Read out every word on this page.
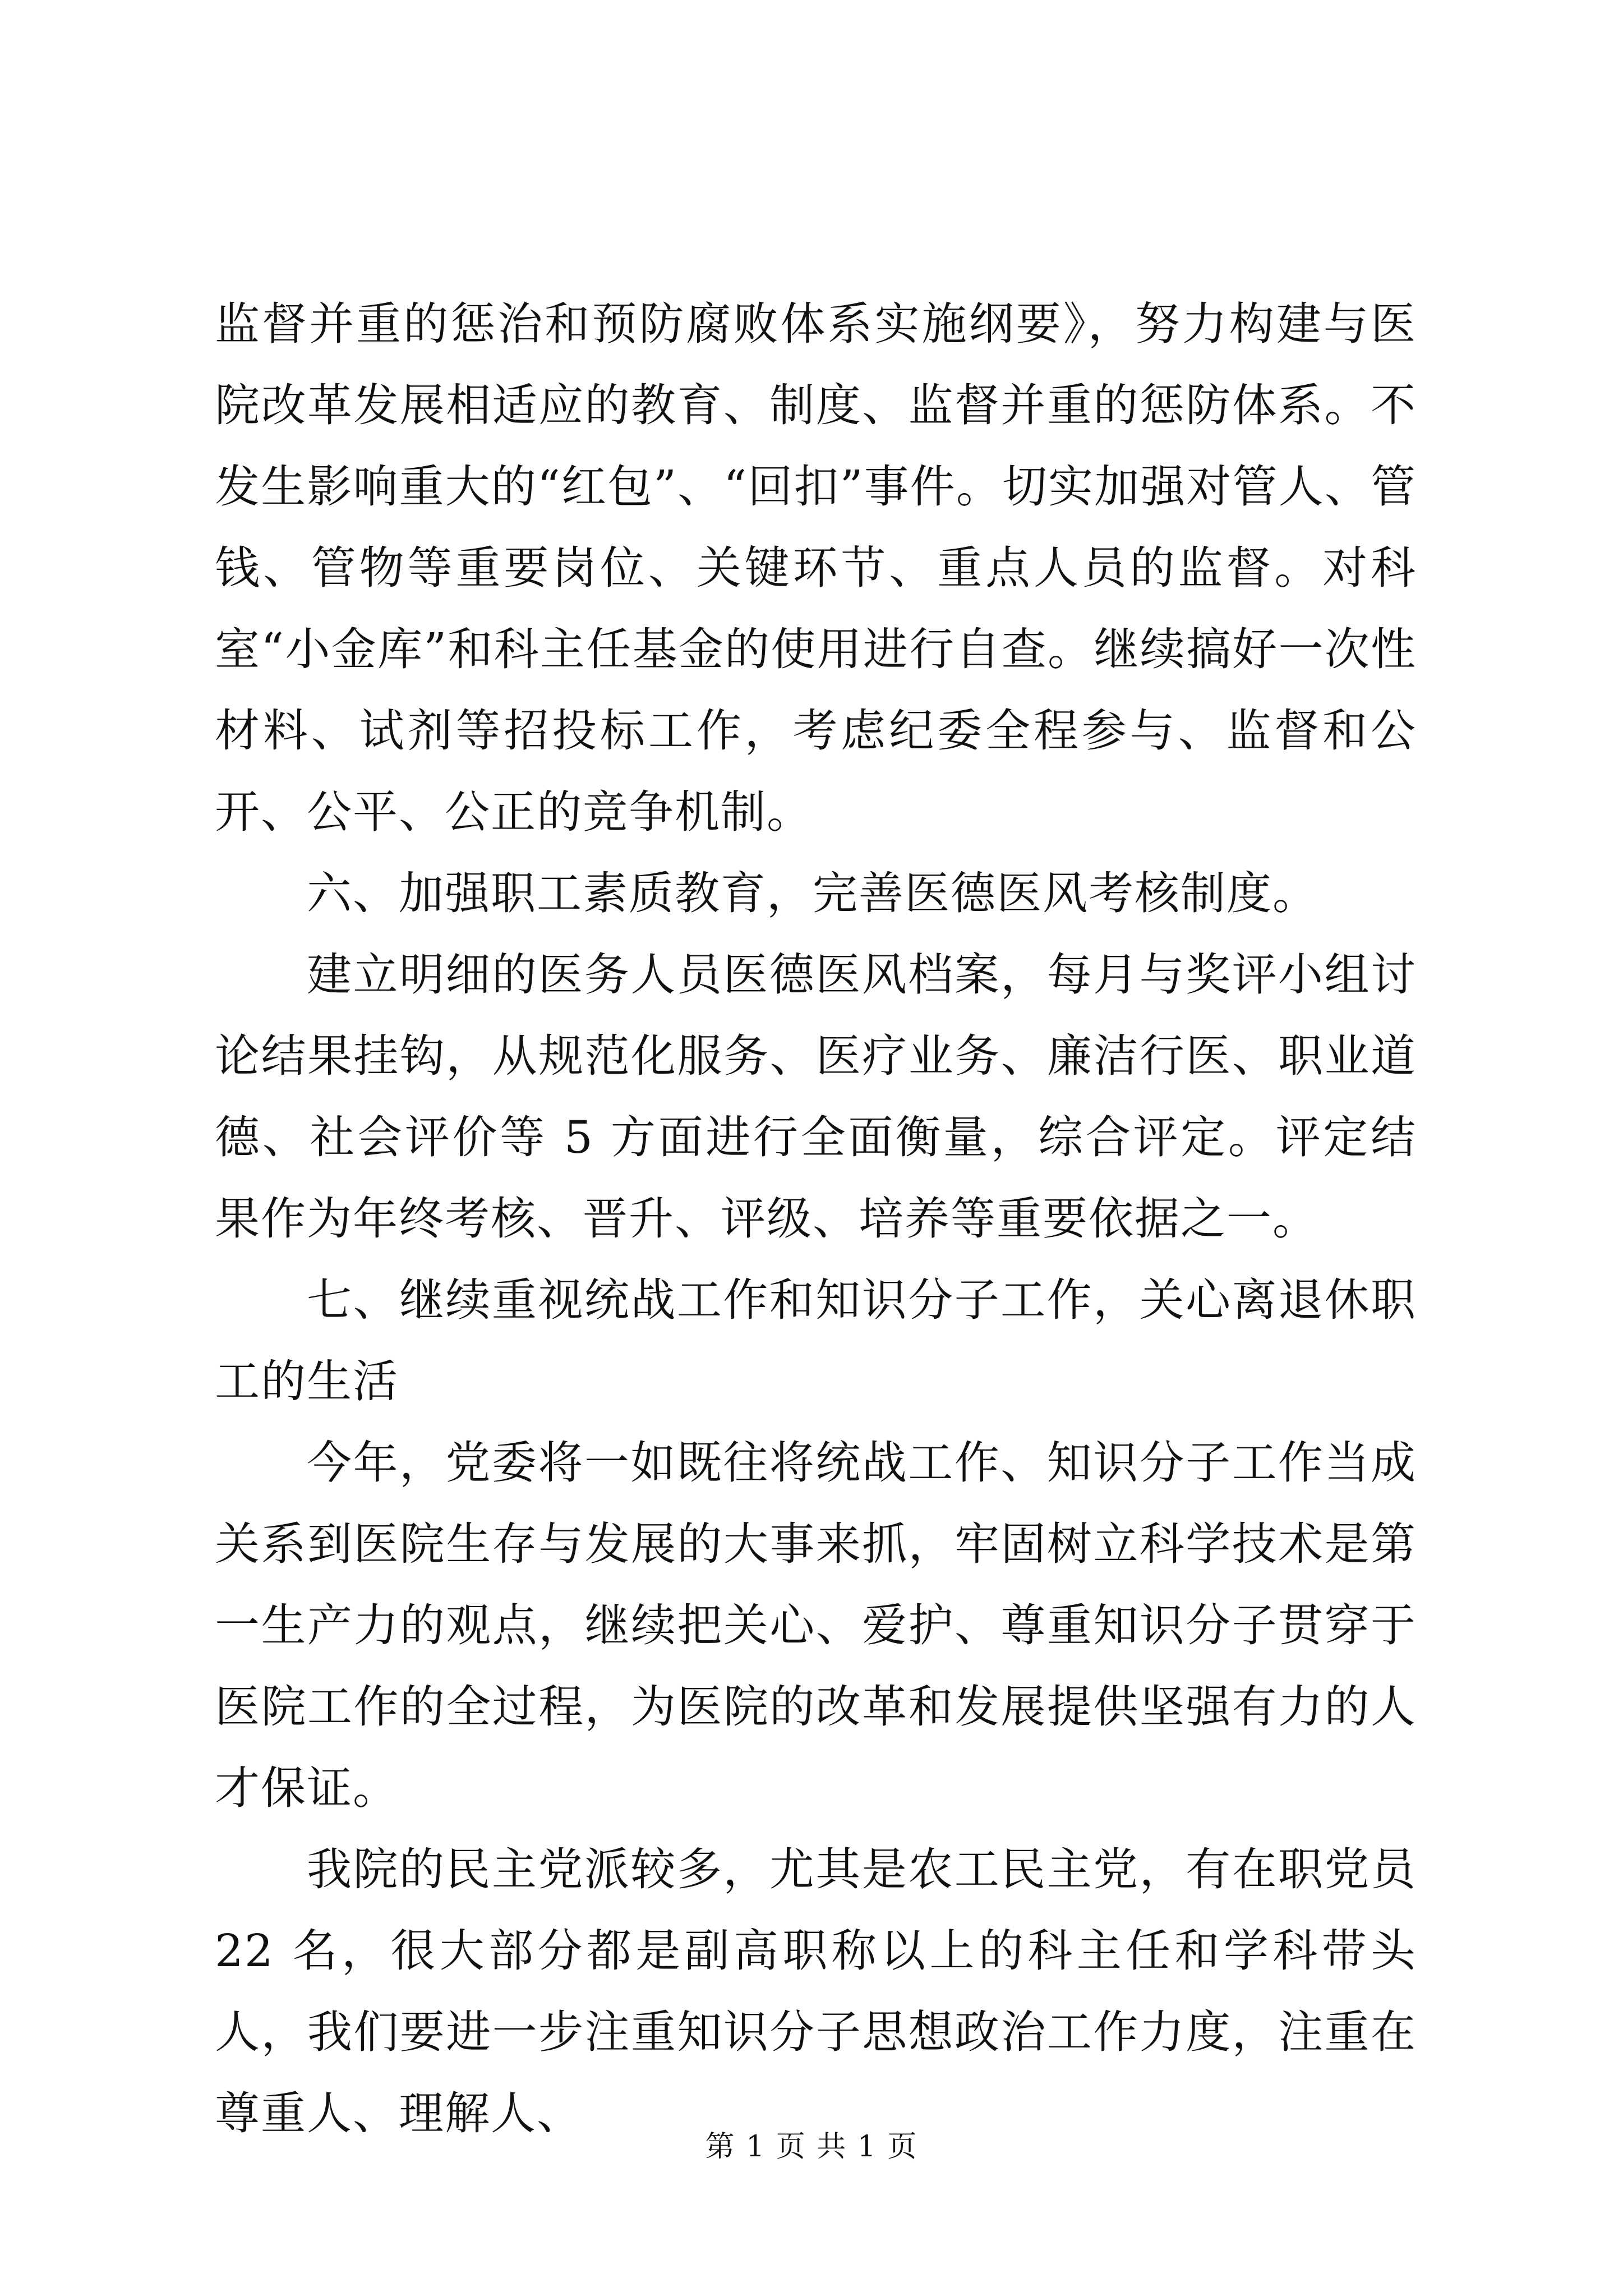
监督并重的惩治和预防腐败体系实施纲要》，努力构建与医院改革发展相适应的教育、制度、监督并重的惩防体系。不发生影响重大的“红包”、“回扣”事件。切实加强对管人、管钱、管物等重要岗位、关键环节、重点人员的监督。对科室“小金库”和科主任基金的使用进行自查。继续搞好一次性材料、试剂等招投标工作，考虑纪委全程参与、监督和公开、公平、公正的竞争机制。

六、加强职工素质教育，完善医德医风考核制度。

建立明细的医务人员医德医风档案，每月与奖评小组讨论结果挂钩，从规范化服务、医疗业务、廉洁行医、职业道德、社会评价等 5 方面进行全面衡量，综合评定。评定结果作为年终考核、晋升、评级、培养等重要依据之一。

七、继续重视统战工作和知识分子工作，关心离退休职工的生活

今年，党委将一如既往将统战工作、知识分子工作当成关系到医院生存与发展的大事来抓，牢固树立科学技术是第一生产力的观点，继续把关心、爱护、尊重知识分子贯穿于医院工作的全过程，为医院的改革和发展提供坚强有力的人才保证。

我院的民主党派较多，尤其是农工民主党，有在职党员 22 名，很大部分都是副高职称以上的科主任和学科带头人，我们要进一步注重知识分子思想政治工作力度，注重在尊重人、理解人、

第 1 页 共 1 页
